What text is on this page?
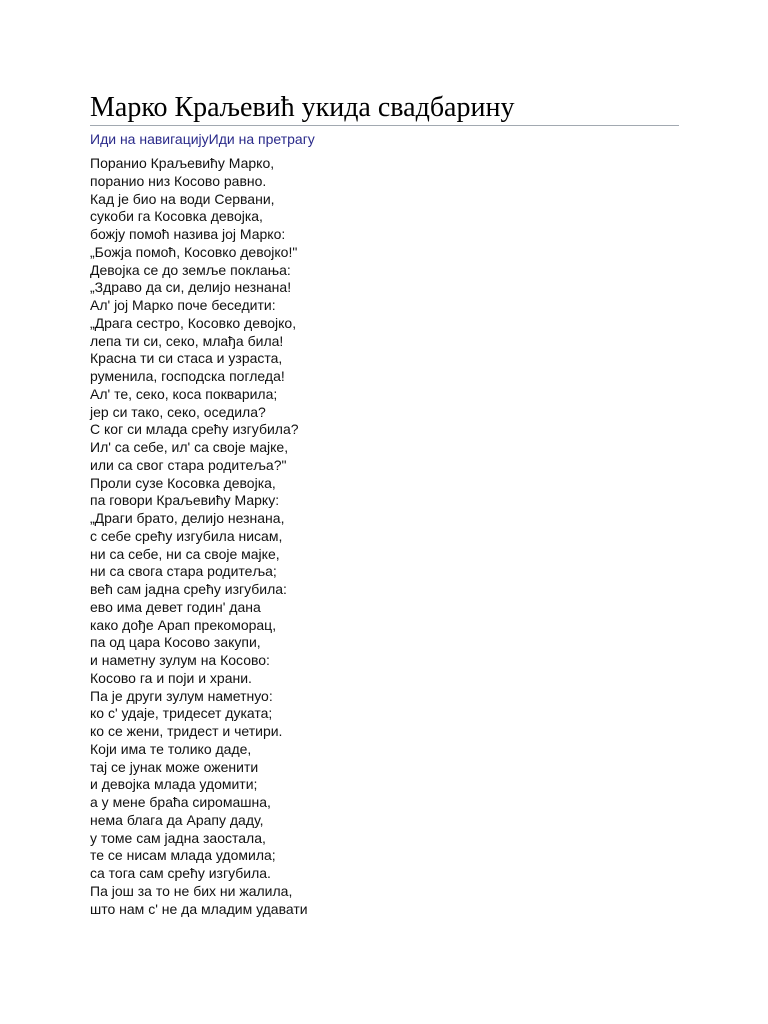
Марко Краљевић укида свадбарину
Иди на навигацијуИди на претрагу
Поранио Краљевићу Марко,
поранио низ Косово равно.
Кад је био на води Сервани,
сукоби га Косовка девојка,
божју помоћ назива јој Марко:
„Божја помоћ, Косовко девојко!"
Девојка се до земље поклања:
„Здраво да си, делијо незнана!
Ал' јој Марко поче беседити:
„Драга сестро, Косовко девојко,
лепа ти си, секо, млађа била!
Красна ти си стаса и узраста,
руменила, господска погледа!
Ал' те, секо, коса покварила;
јер си тако, секо, оседила?
С ког си млада срећу изгубила?
Ил' са себе, ил' са своје мајке,
или са свог стара родитеља?"
Проли сузе Косовка девојка,
па говори Краљевићу Марку:
„Драги брато, делијо незнана,
с себе срећу изгубила нисам,
ни са себе, ни са своје мајке,
ни са свога стара родитеља;
већ сам јадна срећу изгубила:
ево има девет годин' дана
како дође Арап прекоморац,
па од цара Косово закупи,
и наметну зулум на Косово:
Косово га и поји и храни.
Па је други зулум наметнуо:
ко с' удаје, тридесет дуката;
ко се жени, тридест и четири.
Који има те толико даде,
тај се јунак може оженити
и девојка млада удомити;
а у мене браћа сиромашна,
нема блага да Арапу даду,
у томе сам јадна заостала,
те се нисам млада удомила;
са тога сам срећу изгубила.
Па још за то не бих ни жалила,
што нам с' не да младим удавати
